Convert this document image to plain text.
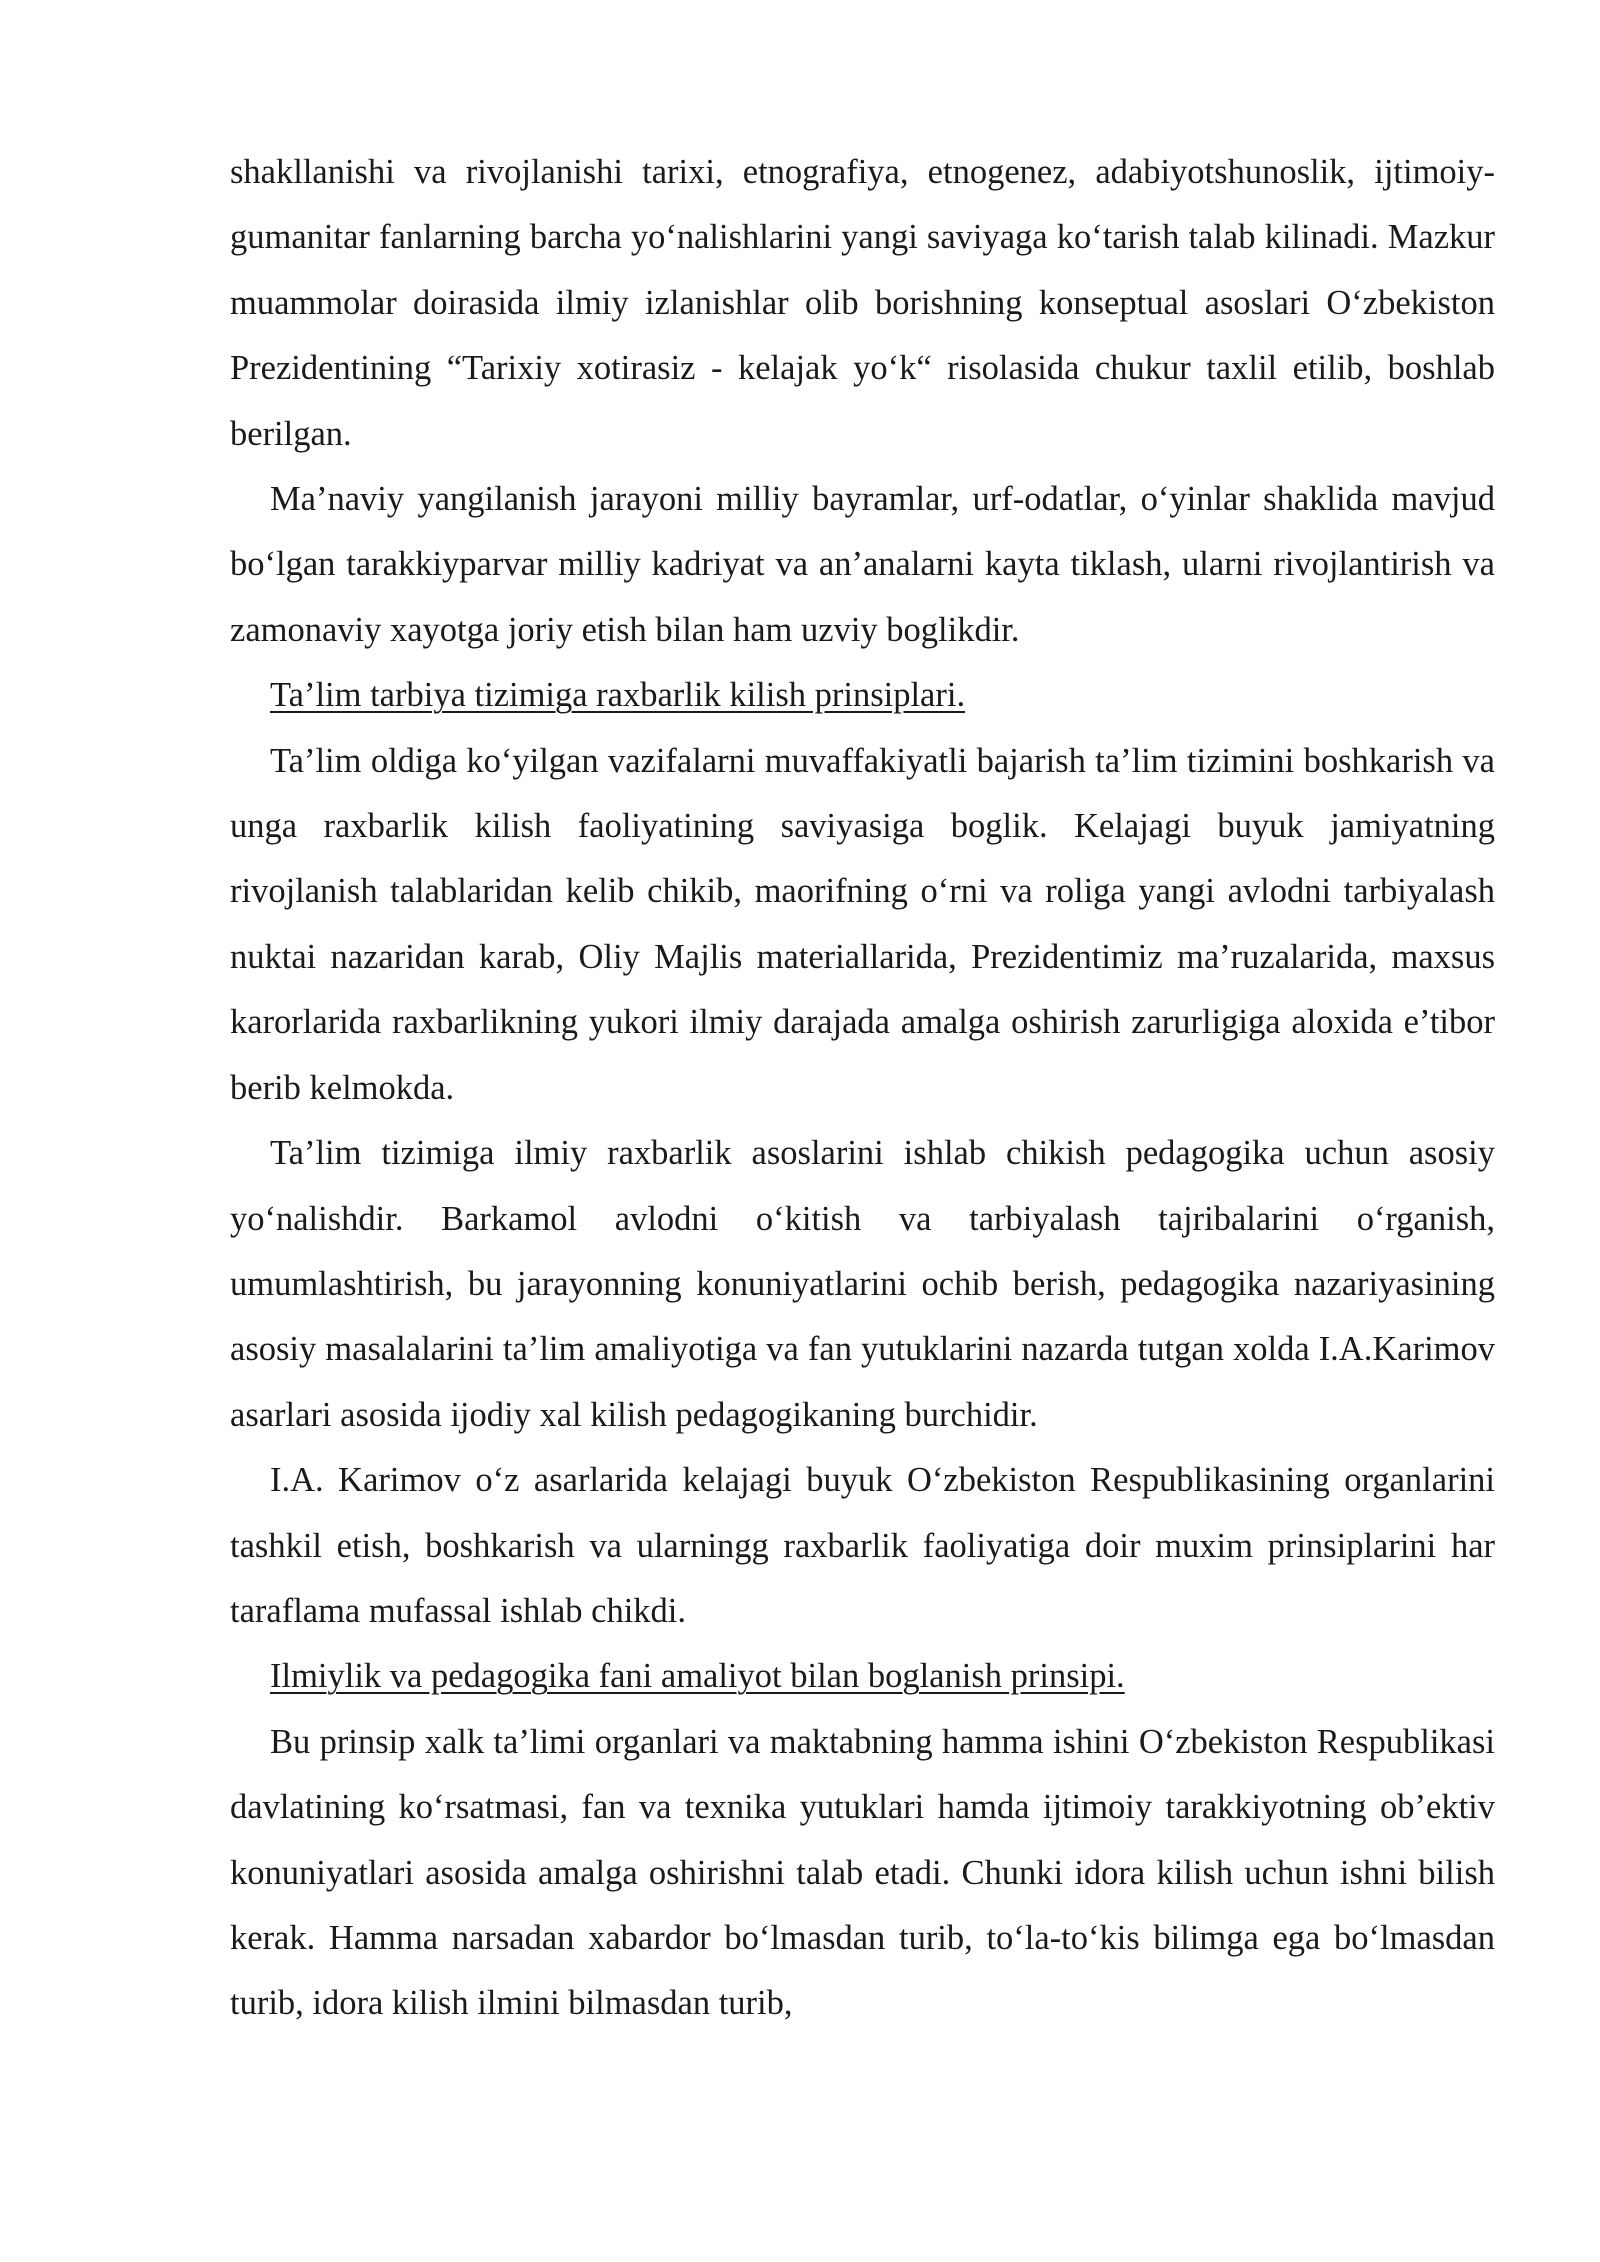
shakllanishi va rivojlanishi tarixi, etnografiya, etnogenez, adabiyotshunoslik, ijtimoiy-gumanitar fanlarning barcha yo‘nalishlarini yangi saviyaga ko‘tarish talab kilinadi. Mazkur muammolar doirasida ilmiy izlanishlar olib borishning konseptual asoslari O‘zbekiston Prezidentining “Tarixiy xotirasiz - kelajak yo‘k“ risolasida chukur taxlil etilib, boshlab berilgan.

Ma’naviy yangilanish jarayoni milliy bayramlar, urf-odatlar, o‘yinlar shaklida mavjud bo‘lgan tarakkiyparvar milliy kadriyat va an’analarni kayta tiklash, ularni rivojlantirish va zamonaviy xayotga joriy etish bilan ham uzviy boglikdir.

Ta’lim tarbiya tizimiga raxbarlik kilish prinsiplari.

Ta’lim oldiga ko‘yilgan vazifalarni muvaffakiyatli bajarish ta’lim tizimini boshkarish va unga raxbarlik kilish faoliyatining saviyasiga boglik. Kelajagi buyuk jamiyatning rivojlanish talablaridan kelib chikib, maorifning o‘rni va roliga yangi avlodni tarbiyalash nuktai nazaridan karab, Oliy Majlis materiallarida, Prezidentimiz ma’ruzalarida, maxsus karorlarida raxbarlikning yukori ilmiy darajada amalga oshirish zarurligiga aloxida e’tibor berib kelmokda.

Ta’lim tizimiga ilmiy raxbarlik asoslarini ishlab chikish pedagogika uchun asosiy yo‘nalishdir. Barkamol avlodni o‘kitish va tarbiyalash tajribalarini o‘rganish, umumlashtirish, bu jarayonning konuniyatlarini ochib berish, pedagogika nazariyasining asosiy masalalarini ta’lim amaliyotiga va fan yutuklarini nazarda tutgan xolda I.A.Karimov asarlari asosida ijodiy xal kilish pedagogikaning burchidir.

I.A. Karimov o‘z asarlarida kelajagi buyuk O‘zbekiston Respublikasining organlarini tashkil etish, boshkarish va ularningg raxbarlik faoliyatiga doir muxim prinsiplarini har taraflama mufassal ishlab chikdi.

Ilmiylik va pedagogika fani amaliyot bilan boglanish prinsipi.

Bu prinsip xalk ta’limi organlari va maktabning hamma ishini O‘zbekiston Respublikasi davlatining ko‘rsatmasi, fan va texnika yutuklari hamda ijtimoiy tarakkiyotning ob’ektiv konuniyatlari asosida amalga oshirishni talab etadi. Chunki idora kilish uchun ishni bilish kerak. Hamma narsadan xabardor bo‘lmasdan turib, to‘la-to‘kis bilimga ega bo‘lmasdan turib, idora kilish ilmini bilmasdan turib,
